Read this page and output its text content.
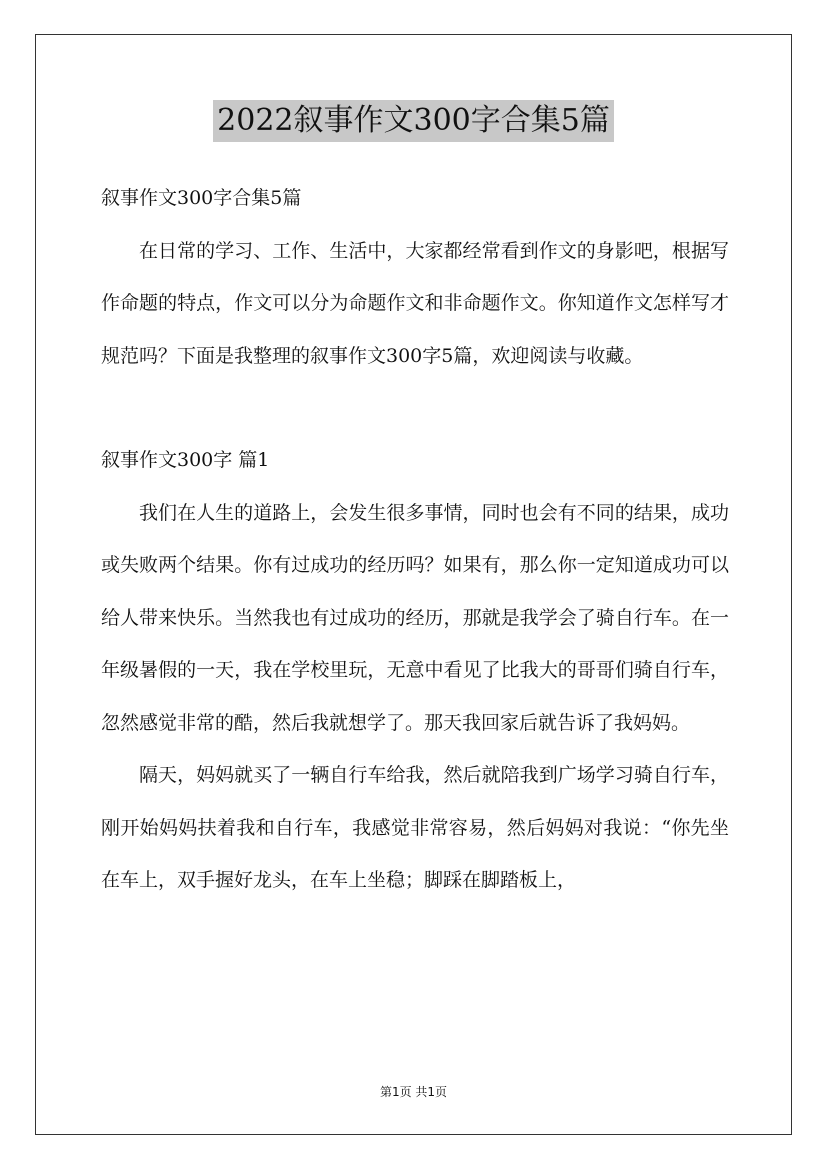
2022叙事作文300字合集5篇

叙事作文300字合集5篇

在日常的学习、工作、生活中，大家都经常看到作文的身影吧，根据写作命题的特点，作文可以分为命题作文和非命题作文。你知道作文怎样写才规范吗？下面是我整理的叙事作文300字5篇，欢迎阅读与收藏。

叙事作文300字 篇1

我们在人生的道路上，会发生很多事情，同时也会有不同的结果，成功或失败两个结果。你有过成功的经历吗？如果有，那么你一定知道成功可以给人带来快乐。当然我也有过成功的经历，那就是我学会了骑自行车。在一年级暑假的一天，我在学校里玩，无意中看见了比我大的哥哥们骑自行车，忽然感觉非常的酷，然后我就想学了。那天我回家后就告诉了我妈妈。

隔天，妈妈就买了一辆自行车给我，然后就陪我到广场学习骑自行车，刚开始妈妈扶着我和自行车，我感觉非常容易，然后妈妈对我说：“你先坐在车上，双手握好龙头，在车上坐稳；脚踩在脚踏板上，

第1页 共1页
